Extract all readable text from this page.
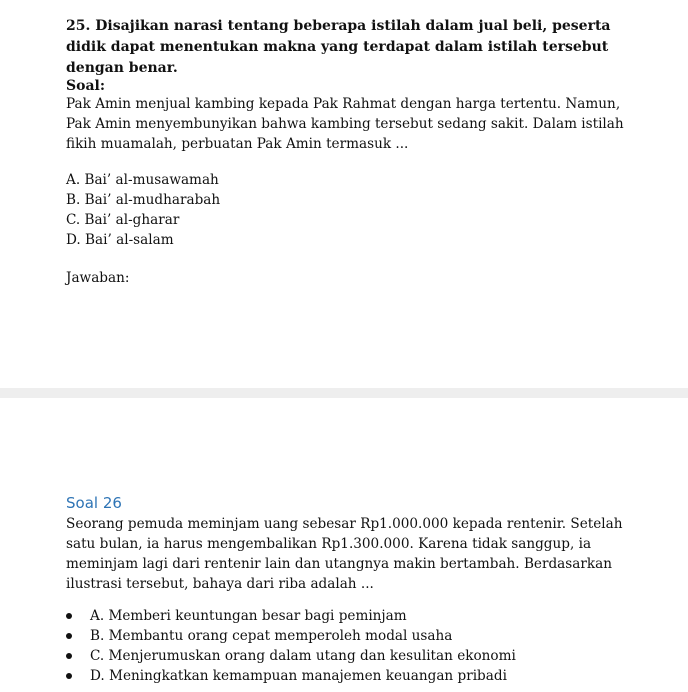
25. Disajikan narasi tentang beberapa istilah dalam jual beli, peserta didik dapat menentukan makna yang terdapat dalam istilah tersebut dengan benar.
Soal:
Pak Amin menjual kambing kepada Pak Rahmat dengan harga tertentu. Namun, Pak Amin menyembunyikan bahwa kambing tersebut sedang sakit. Dalam istilah fikih muamalah, perbuatan Pak Amin termasuk ...
A. Bai’ al-musawamah
B. Bai’ al-mudharabah
C. Bai’ al-gharar
D. Bai’ al-salam
Jawaban:
Soal 26
Seorang pemuda meminjam uang sebesar Rp1.000.000 kepada rentenir. Setelah satu bulan, ia harus mengembalikan Rp1.300.000. Karena tidak sanggup, ia meminjam lagi dari rentenir lain dan utangnya makin bertambah. Berdasarkan ilustrasi tersebut, bahaya dari riba adalah ...
A. Memberi keuntungan besar bagi peminjam
B. Membantu orang cepat memperoleh modal usaha
C. Menjerumuskan orang dalam utang dan kesulitan ekonomi
D. Meningkatkan kemampuan manajemen keuangan pribadi
